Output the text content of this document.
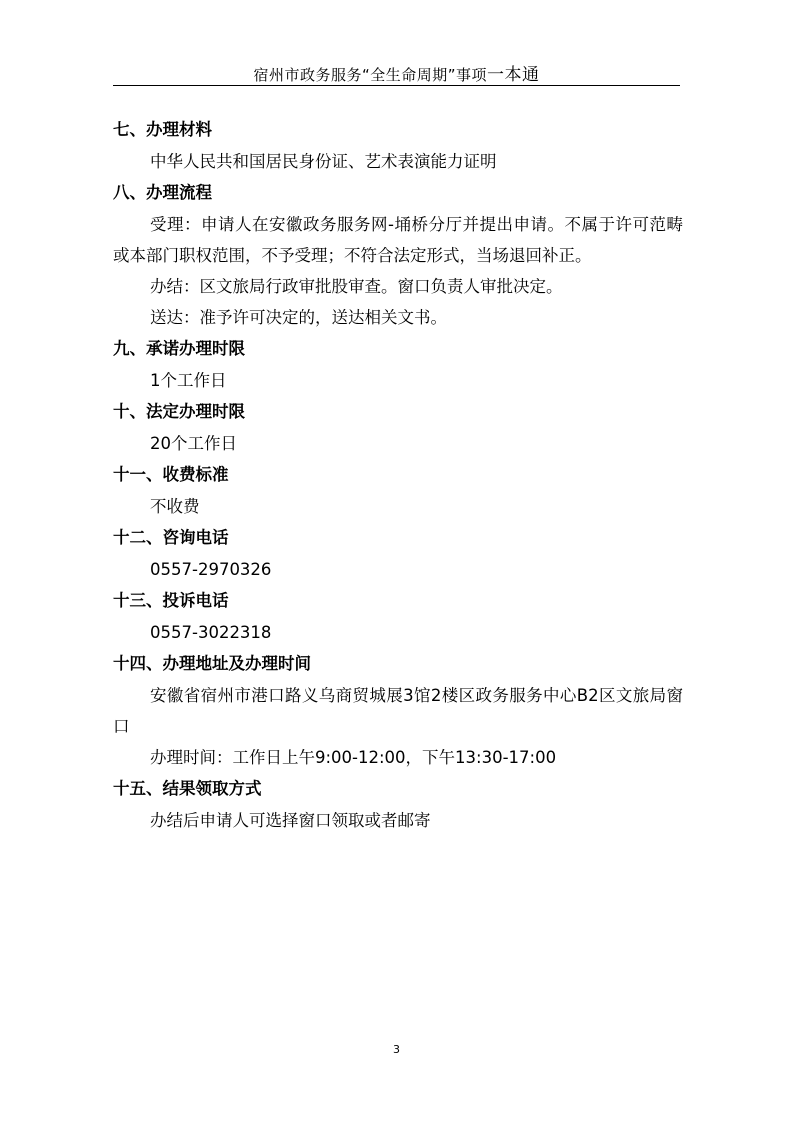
宿州市政务服务“全生命周期”事项一本通
七、办理材料
中华人民共和国居民身份证、艺术表演能力证明
八、办理流程
受理：申请人在安徽政务服务网-埇桥分厅并提出申请。不属于许可范畴或本部门职权范围，不予受理；不符合法定形式，当场退回补正。
办结：区文旅局行政审批股审查。窗口负责人审批决定。
送达：准予许可决定的，送达相关文书。
九、承诺办理时限
1个工作日
十、法定办理时限
20个工作日
十一、收费标准
不收费
十二、咨询电话
0557-2970326
十三、投诉电话
0557-3022318
十四、办理地址及办理时间
安徽省宿州市港口路义乌商贸城展3馆2楼区政务服务中心B2区文旅局窗口
办理时间：工作日上午9:00-12:00，下午13:30-17:00
十五、结果领取方式
办结后申请人可选择窗口领取或者邮寄
3
